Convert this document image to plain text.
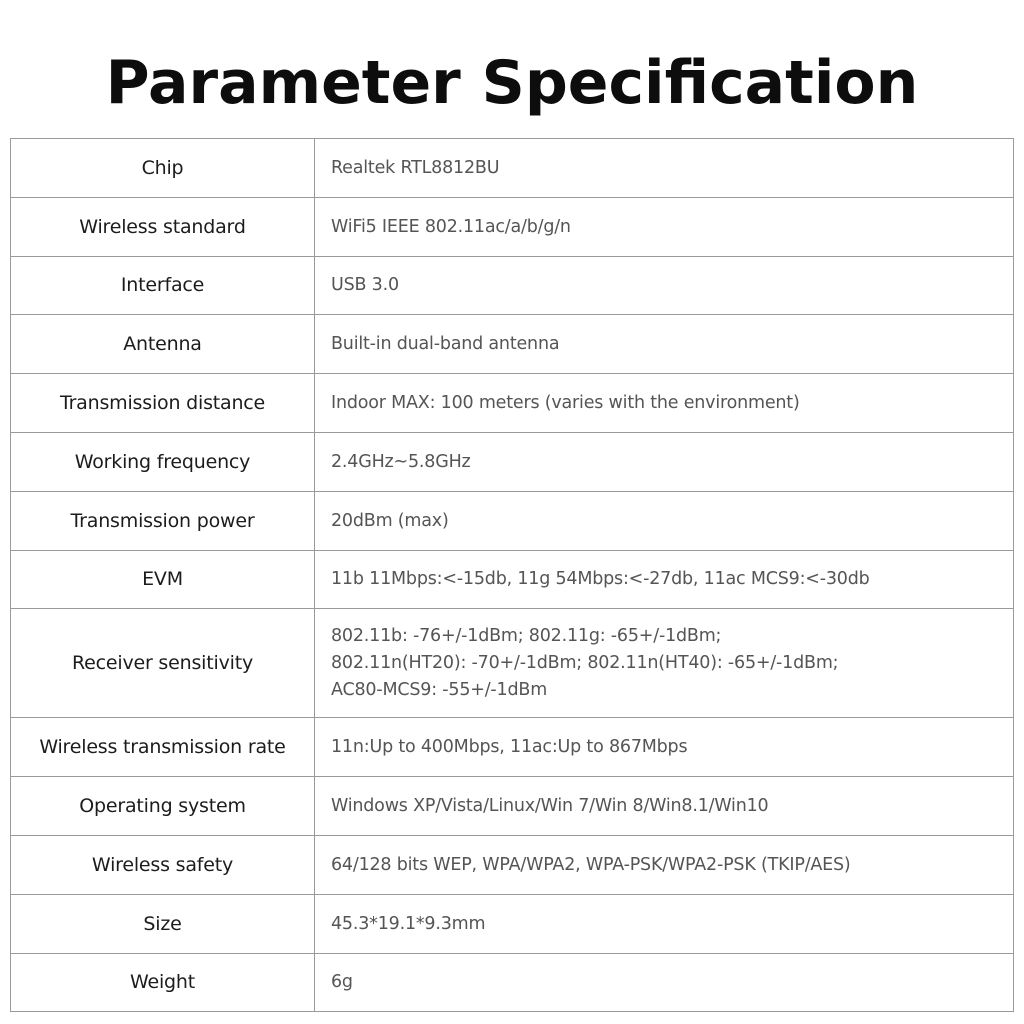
Parameter Specification
Chip	Realtek RTL8812BU
Wireless standard	WiFi5 IEEE 802.11ac/a/b/g/n
Interface	USB 3.0
Antenna	Built-in dual-band antenna
Transmission distance	Indoor MAX: 100 meters (varies with the environment)
Working frequency	2.4GHz~5.8GHz
Transmission power	20dBm (max)
EVM	11b 11Mbps:<-15db, 11g 54Mbps:<-27db, 11ac MCS9:<-30db
Receiver sensitivity	802.11b: -76+/-1dBm; 802.11g: -65+/-1dBm;
802.11n(HT20): -70+/-1dBm; 802.11n(HT40): -65+/-1dBm;
AC80-MCS9: -55+/-1dBm

Wireless transmission rate	11n:Up to 400Mbps, 11ac:Up to 867Mbps
Operating system	Windows XP/Vista/Linux/Win 7/Win 8/Win8.1/Win10
Wireless safety	64/128 bits WEP, WPA/WPA2, WPA-PSK/WPA2-PSK (TKIP/AES)
Size	45.3*19.1*9.3mm
Weight	6g
